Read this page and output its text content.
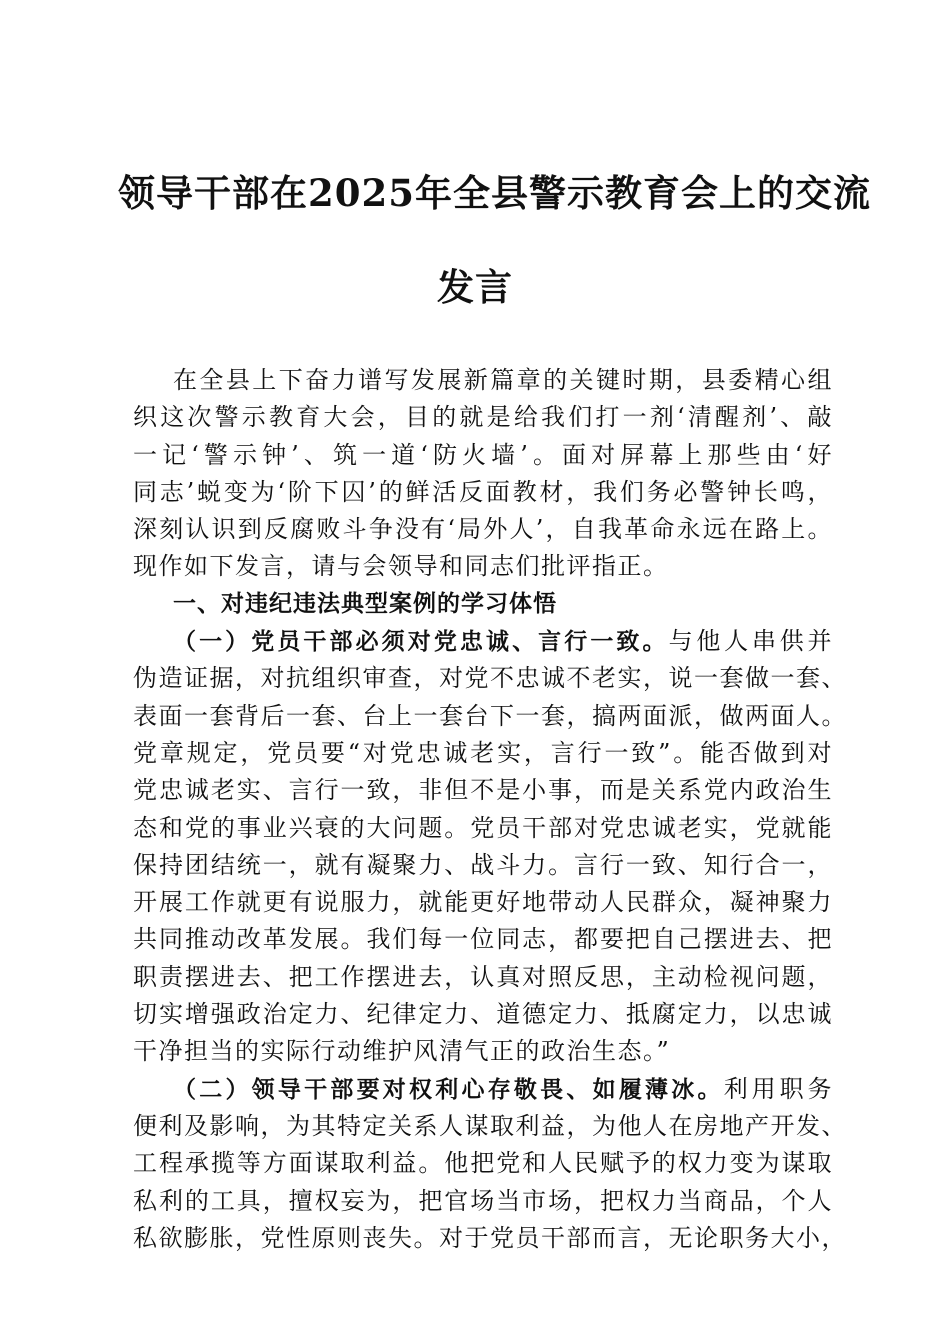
领导干部在2025年全县警示教育会上的交流
发言
在全县上下奋力谱写发展新篇章的关键时期，县委精心组
织这次警示教育大会，目的就是给我们打一剂‘清醒剂’、敲
一记‘警示钟’、筑一道‘防火墙’。面对屏幕上那些由‘好
同志’蜕变为‘阶下囚’的鲜活反面教材，我们务必警钟长鸣，
深刻认识到反腐败斗争没有‘局外人’，自我革命永远在路上。
现作如下发言，请与会领导和同志们批评指正。
一、对违纪违法典型案例的学习体悟
（一）党员干部必须对党忠诚、言行一致。与他人串供并
伪造证据，对抗组织审查，对党不忠诚不老实，说一套做一套、
表面一套背后一套、台上一套台下一套，搞两面派，做两面人。
党章规定，党员要“对党忠诚老实，言行一致”。能否做到对
党忠诚老实、言行一致，非但不是小事，而是关系党内政治生
态和党的事业兴衰的大问题。党员干部对党忠诚老实，党就能
保持团结统一，就有凝聚力、战斗力。言行一致、知行合一，
开展工作就更有说服力，就能更好地带动人民群众，凝神聚力
共同推动改革发展。我们每一位同志，都要把自己摆进去、把
职责摆进去、把工作摆进去，认真对照反思，主动检视问题，
切实增强政治定力、纪律定力、道德定力、抵腐定力，以忠诚
干净担当的实际行动维护风清气正的政治生态。”
（二）领导干部要对权利心存敬畏、如履薄冰。利用职务
便利及影响，为其特定关系人谋取利益，为他人在房地产开发、
工程承揽等方面谋取利益。他把党和人民赋予的权力变为谋取
私利的工具，擅权妄为，把官场当市场，把权力当商品，个人
私欲膨胀，党性原则丧失。对于党员干部而言，无论职务大小，
